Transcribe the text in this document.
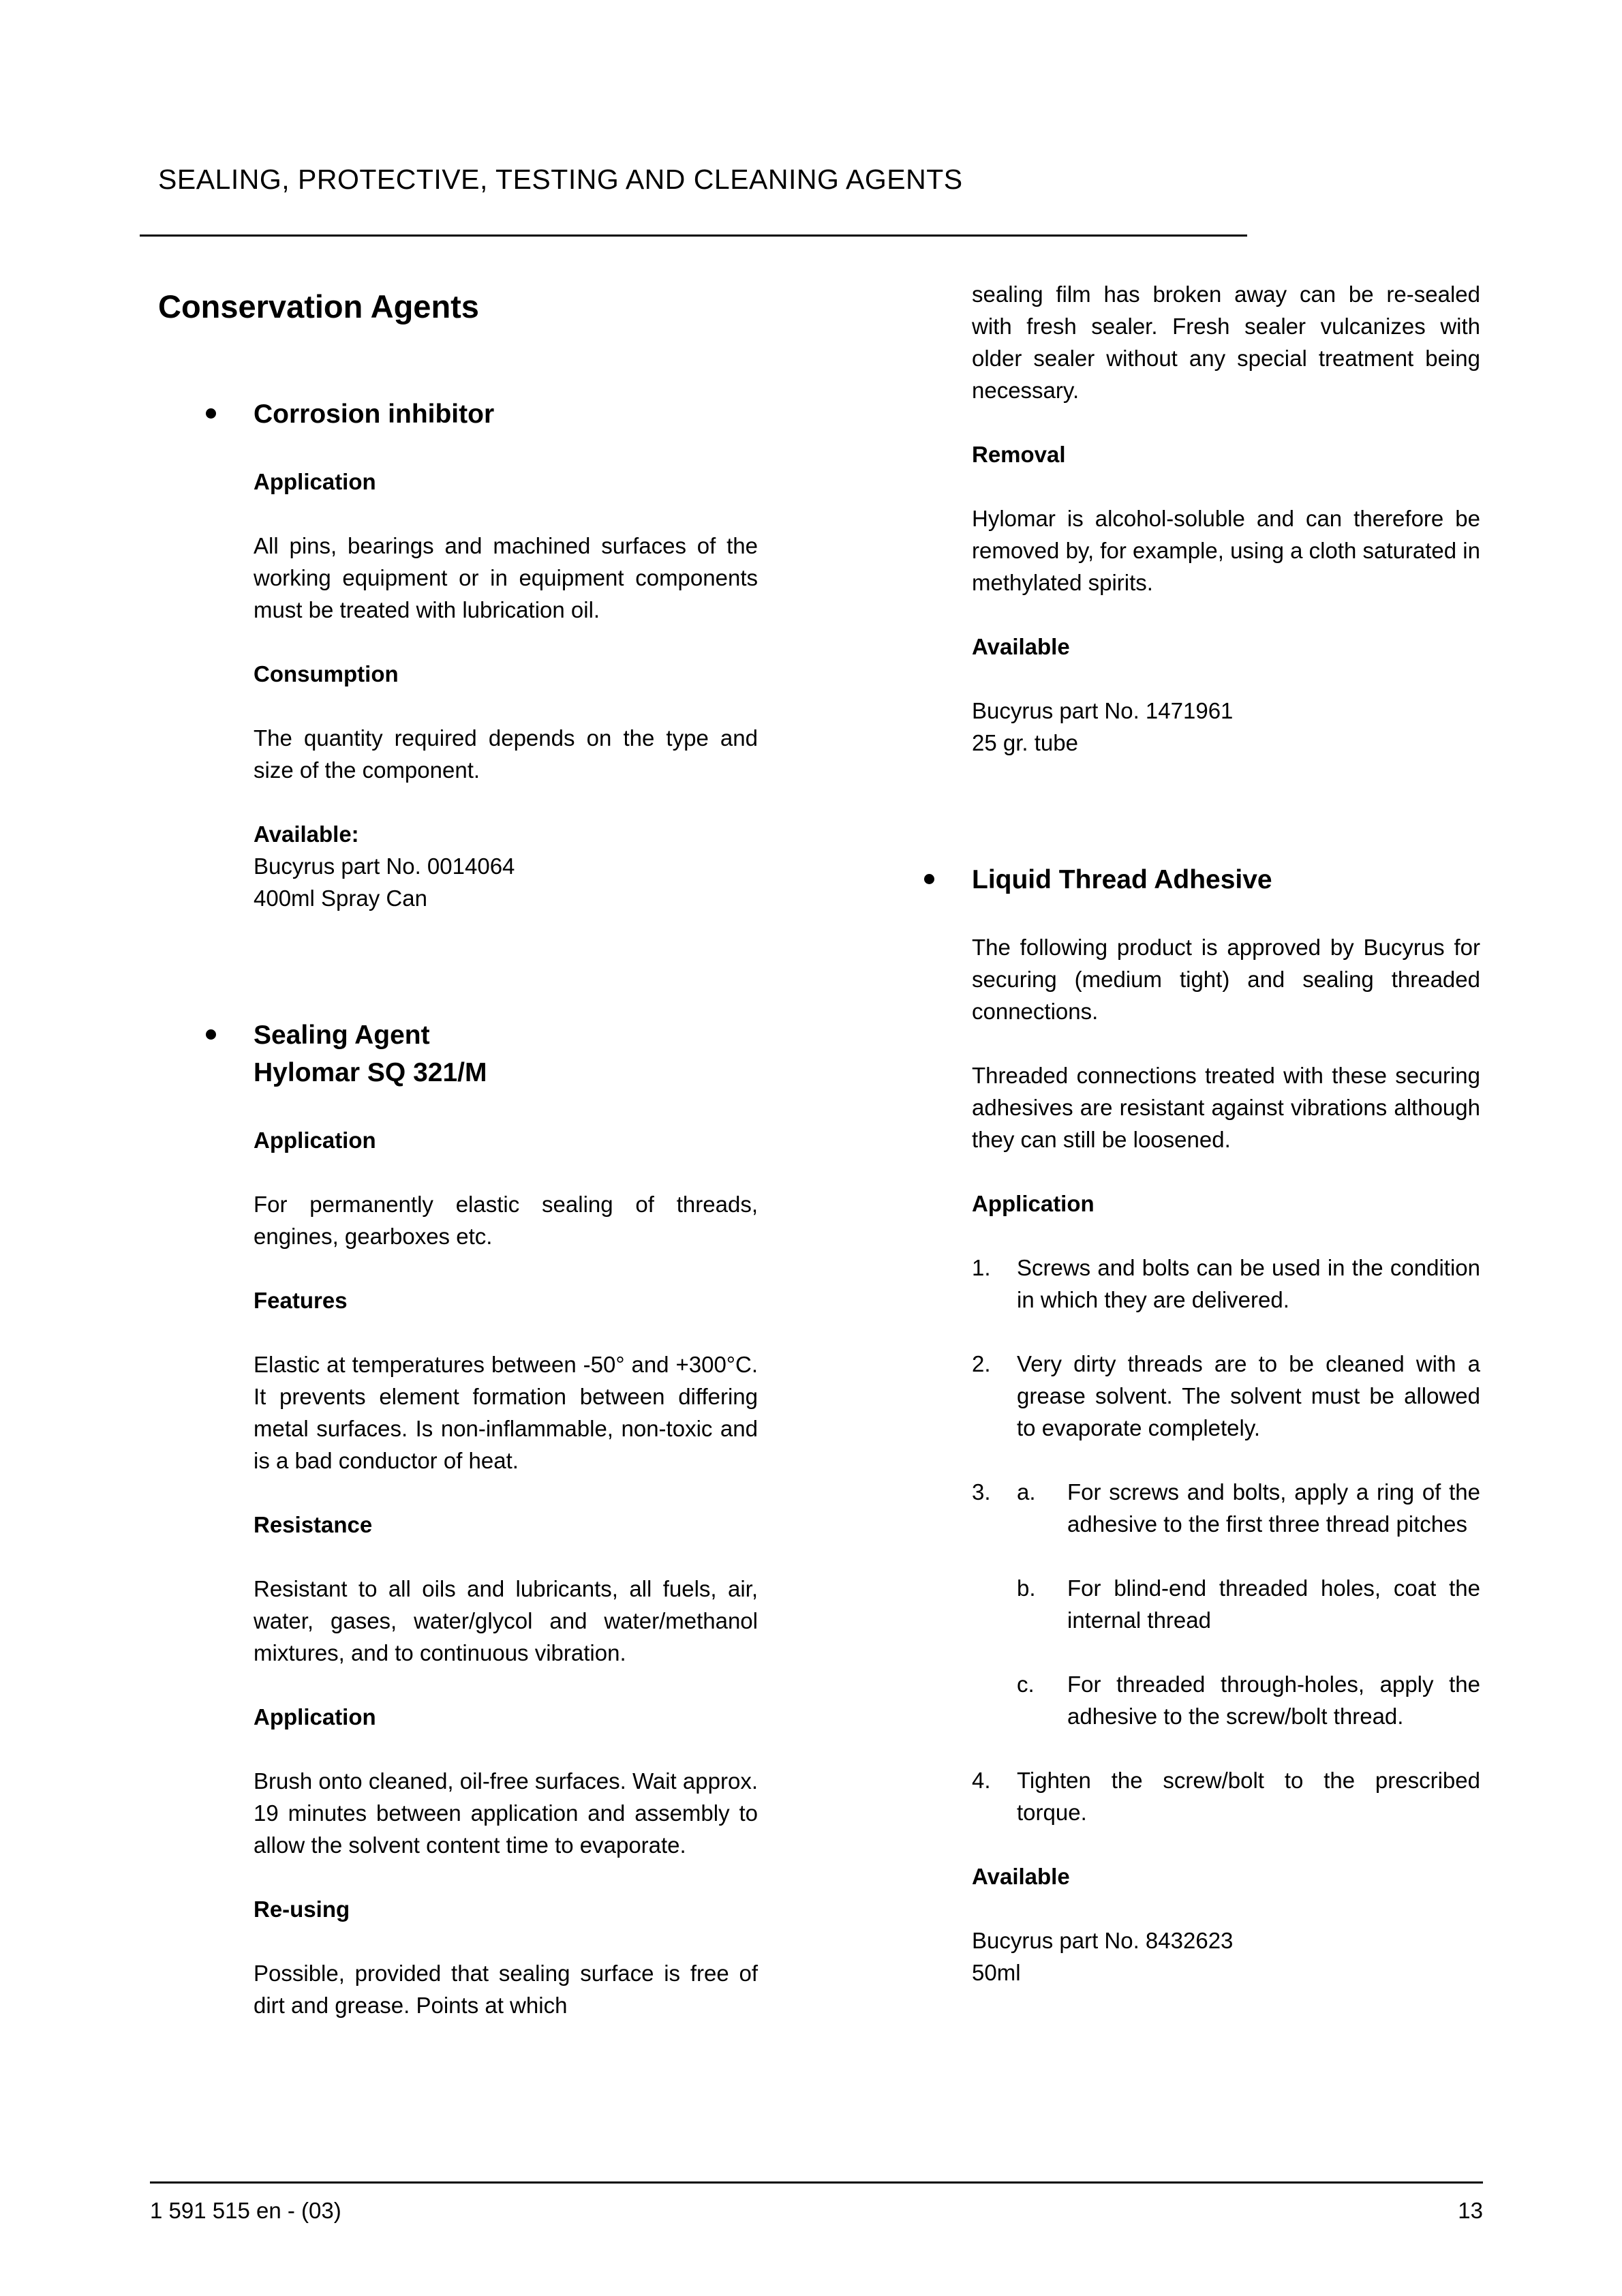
SEALING, PROTECTIVE, TESTING AND CLEANING AGENTS
Conservation Agents
Corrosion inhibitor
Application

All pins, bearings and machined surfaces of the working equipment or in equipment components must be treated with lubrication oil.

Consumption

The quantity required depends on the type and size of the component.

Available:

Bucyrus part No. 0014064

400ml Spray Can

Sealing Agent
Hylomar SQ 321/M
Application

For permanently elastic sealing of threads, engines, gearboxes etc.

Features

Elastic at temperatures between -50° and +300°C. It prevents element formation between differing metal surfaces. Is non-inflammable, non-toxic and is a bad conductor of heat.

Resistance

Resistant to all oils and lubricants, all fuels, air, water, gases, water/glycol and water/methanol mixtures, and to continuous vibration.

Application

Brush onto cleaned, oil-free surfaces. Wait approx. 19 minutes between application and assembly to allow the solvent content time to evaporate.

Re-using

Possible, provided that sealing surface is free of dirt and grease. Points at which

sealing film has broken away can be re-sealed with fresh sealer. Fresh sealer vulcanizes with older sealer without any special treatment being necessary.

Removal

Hylomar is alcohol-soluble and can therefore be removed by, for example, using a cloth saturated in methylated spirits.

Available

Bucyrus part No. 1471961

25 gr. tube

Liquid Thread Adhesive

The following product is approved by Bucyrus for securing (medium tight) and sealing threaded connections.

Threaded connections treated with these securing adhesives are resistant against vibrations although they can still be loosened.

Application
1.	Screws and bolts can be used in the condition in which they are delivered.

2.	Very dirty threads are to be cleaned with a grease solvent. The solvent must be allowed to evaporate completely.

3.	a.	For screws and bolts, apply a ring of the adhesive to the first three thread pitches

b.	For blind-end threaded holes, coat the internal thread

c.	For threaded through-holes, apply the adhesive to the screw/bolt thread.

4.	Tighten the screw/bolt to the prescribed torque.

Available

Bucyrus part No. 8432623

50ml

1 591 515 en - (03)	13
